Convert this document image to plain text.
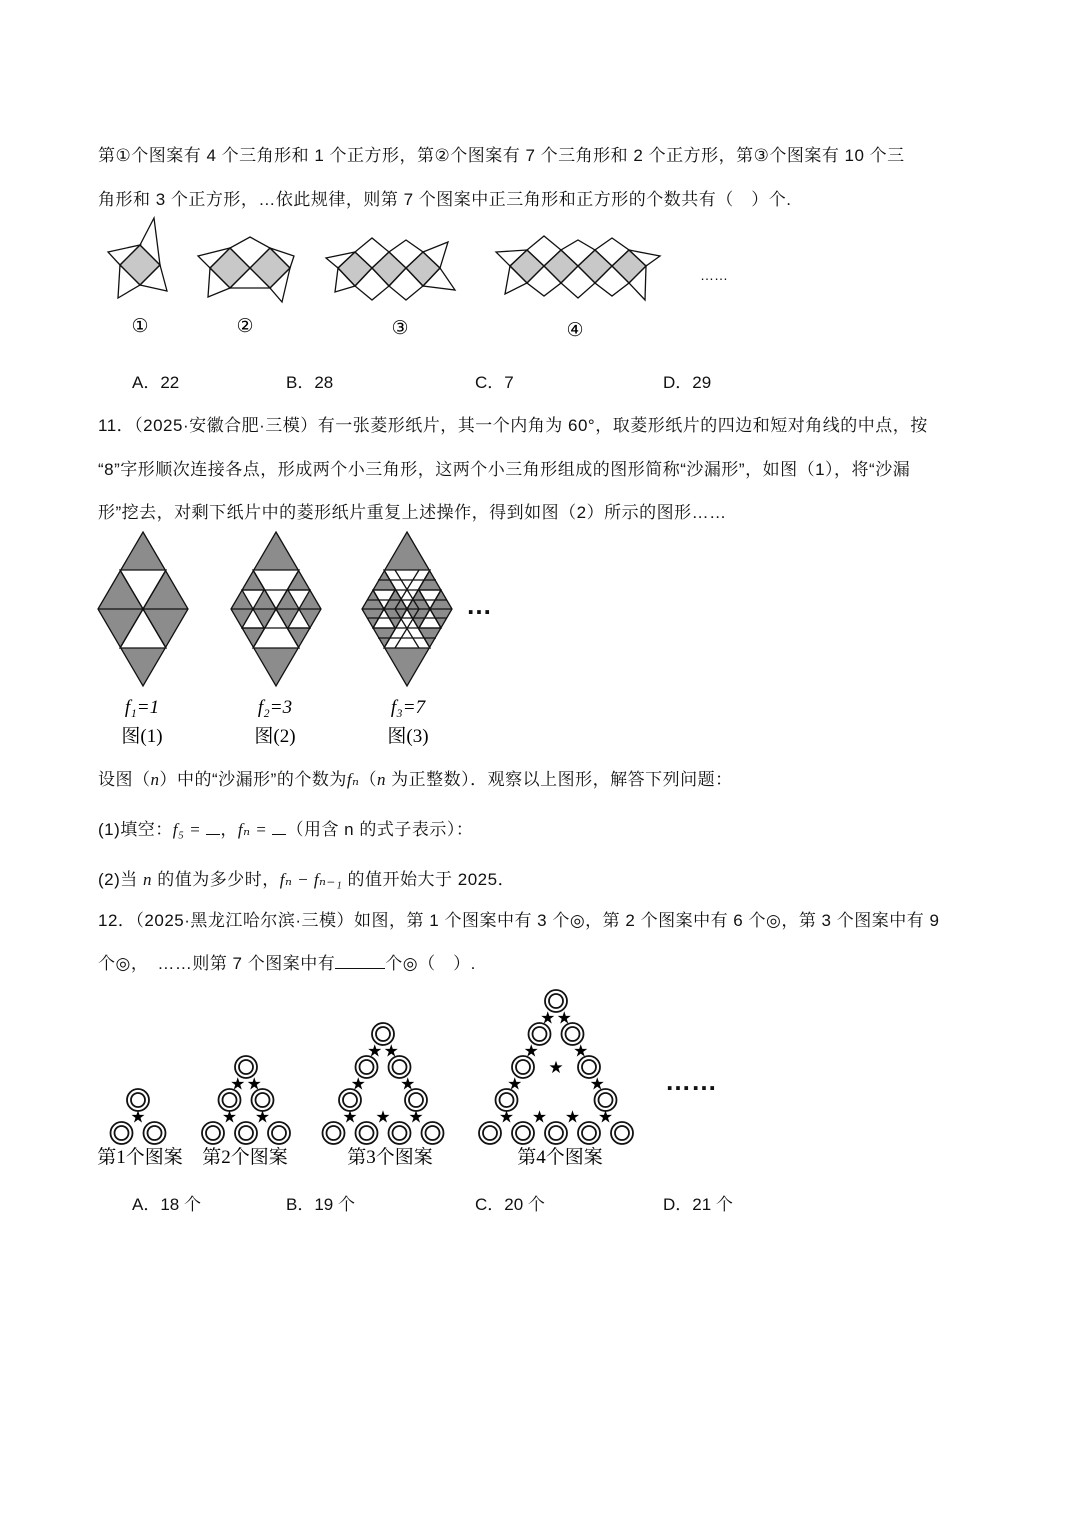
第①个图案有 4 个三角形和 1 个正方形，第②个图案有 7 个三角形和 2 个正方形，第③个图案有 10 个三
角形和 3 个正方形，…依此规律，则第 7 个图案中正三角形和正方形的个数共有（　）个.
……
①	②	③	④
A．22	B．28	C．7	D．29
11．（2025·安徽合肥·三模）有一张菱形纸片，其一个内角为 60°，取菱形纸片的四边和短对角线的中点，按
“8”字形顺次连接各点，形成两个小三角形，这两个小三角形组成的图形简称“沙漏形”，如图（1），将“沙漏
形”挖去，对剩下纸片中的菱形纸片重复上述操作，得到如图（2）所示的图形……
…
f₁=1	f₂=3	f₃=7
图(1)	图(2)	图(3)
设图（n）中的“沙漏形”的个数为fₙ（n 为正整数）．观察以上图形，解答下列问题：
(1)填空：f₅ = ，fₙ = （用含 n 的式子表示）：
(2)当 n 的值为多少时，fₙ − fₙ₋₁ 的值开始大于 2025．
12．（2025·黑龙江哈尔滨·三模）如图，第 1 个图案中有 3 个◎，第 2 个图案中有 6 个◎，第 3 个图案中有 9
个◎，　……则第 7 个图案中有	个◎（　）.
……
第1个图案 第2个图案	第3个图案	第4个图案
★	★ ★
★ ★
★ ★ ★
★ ★
★ ★
★ ★ ★ ★
★	★
★ ★
★ ★
★
A．18 个	B．19 个	C．20 个	D．21 个
